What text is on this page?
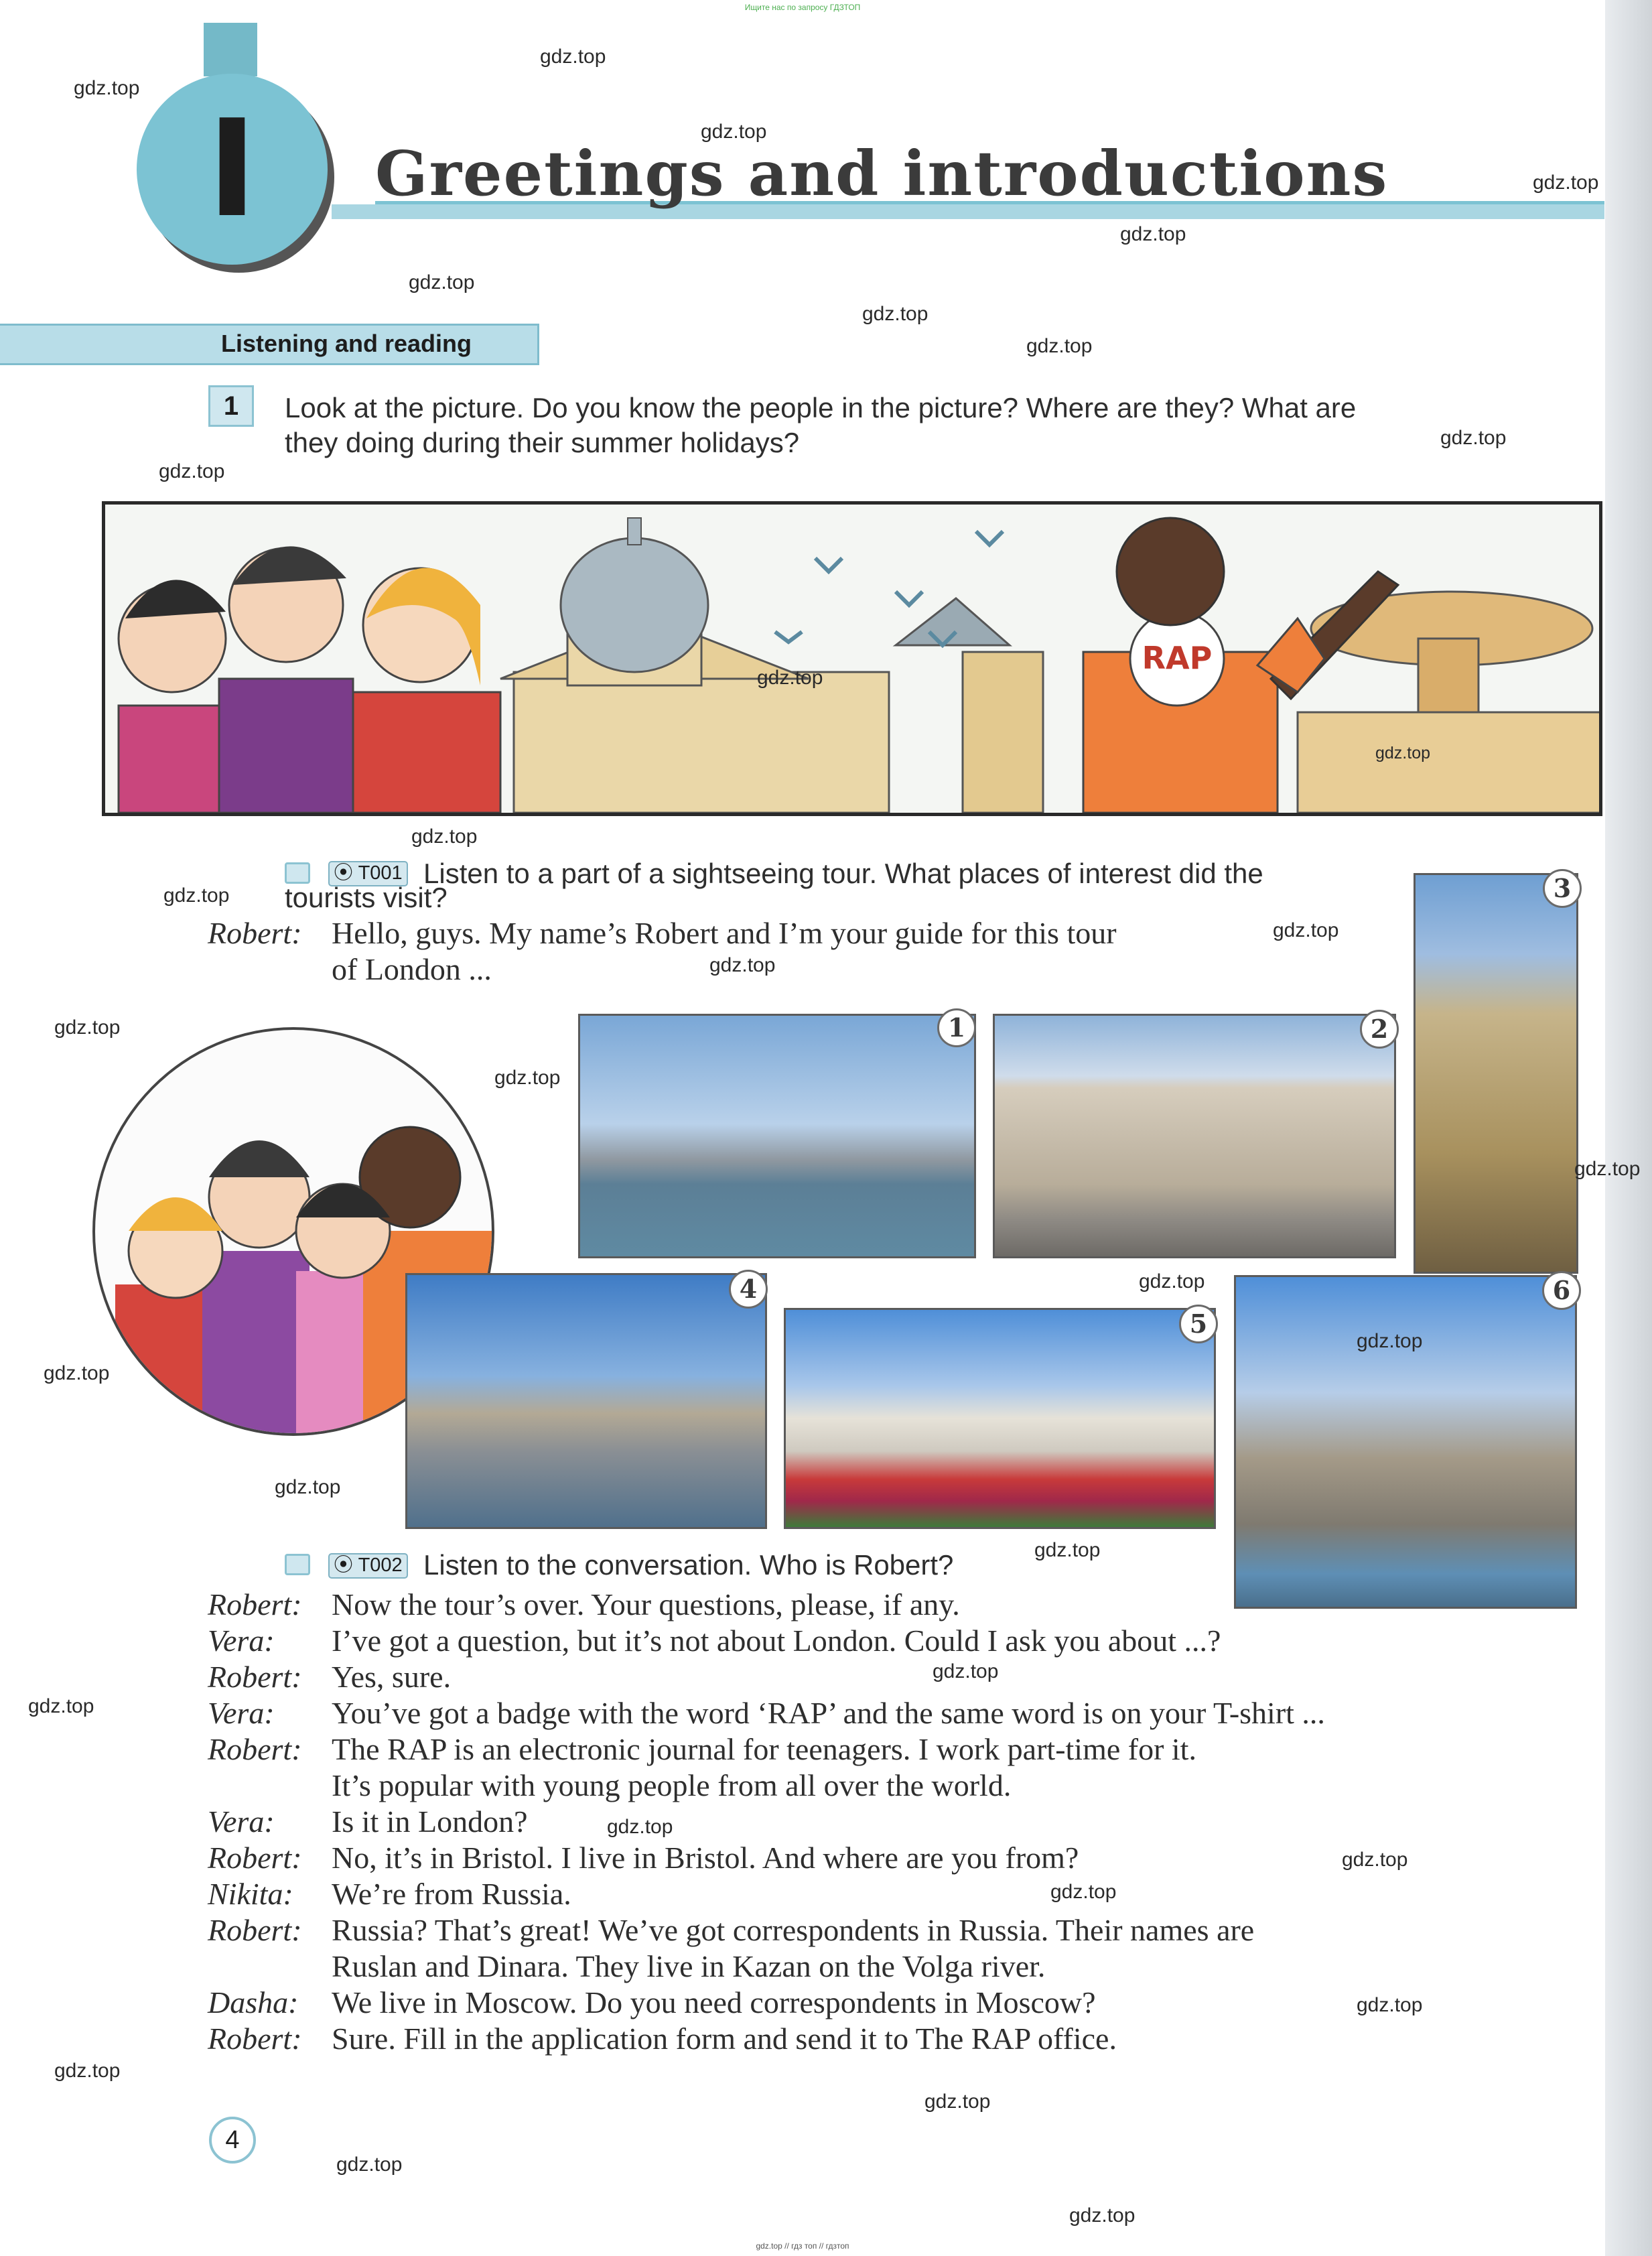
Ищите нас по запросу ГДЗТОП
I	Greetings and introductions
Listening and reading
1	Look at the picture. Do you know the people in the picture? Where are they? What are
they doing during their summer holidays?
RAP
⦿ T001 Listen to a part of a sightseeing tour. What places of interest did the
tourists visit?
Robert: Hello, guys. My name’s Robert and I’m your guide for this tour
of London ...
1	2
3
4
5
6
⦿ T002 Listen to the conversation. Who is Robert?
Robert: Now the tour’s over. Your questions, please, if any.
Vera: I’ve got a question, but it’s not about London. Could I ask you about ...?
Robert: Yes, sure.
Vera: You’ve got a badge with the word ‘RAP’ and the same word is on your T-shirt ...
Robert: The RAP is an electronic journal for teenagers. I work part-time for it.
It’s popular with young people from all over the world.
Vera: Is it in London?
Robert: No, it’s in Bristol. I live in Bristol. And where are you from?
Nikita: We’re from Russia.
Robert: Russia? That’s great! We’ve got correspondents in Russia. Their names are
Ruslan and Dinara. They live in Kazan on the Volga river.
Dasha: We live in Moscow. Do you need correspondents in Moscow?
Robert: Sure. Fill in the application form and send it to The RAP office.
4
gdz.top // гдз топ // гдзтоп
gdz.top
gdz.top
gdz.top
gdz.top
gdz.top
gdz.top
gdz.top
gdz.top
gdz.top
gdz.top
gdz.top
gdz.top
gdz.top
gdz.top
gdz.top
gdz.top
gdz.top
gdz.top
gdz.top
gdz.top
gdz.top
gdz.top
gdz.top
gdz.top
gdz.top
gdz.top
gdz.top
gdz.top
gdz.top
gdz.top
gdz.top
gdz.top
gdz.top
gdz.top
